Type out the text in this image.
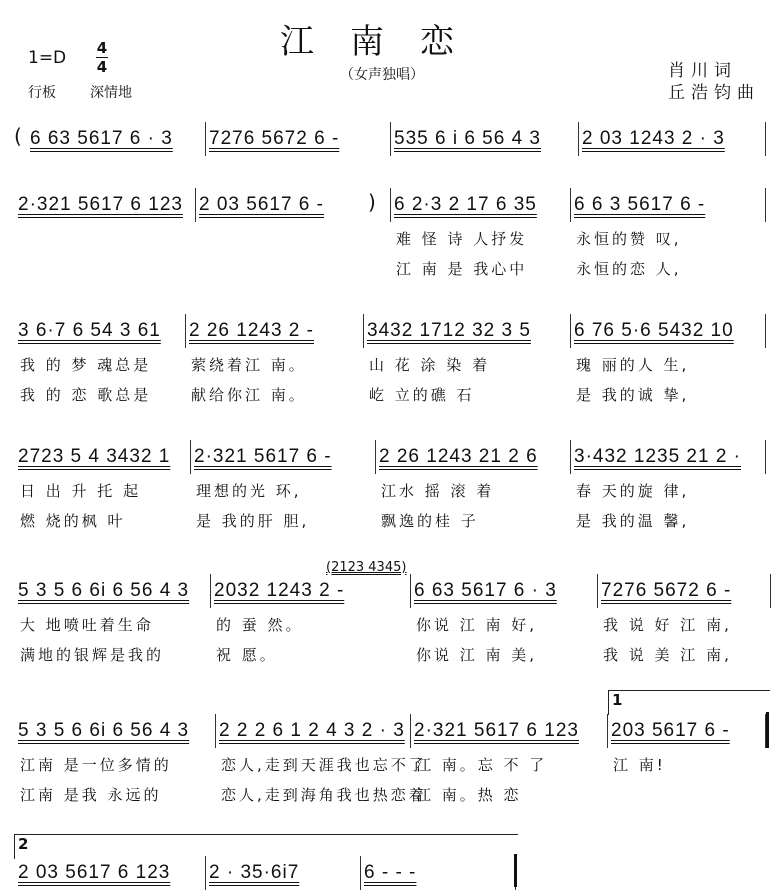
江南恋
（女声独唱）
1=D 4
4
行板 深情地
肖川词
丘浩钧曲
6 63 5617 6 · 3	7276 5672 6 -	535 6 i 6 56 4 3	2 03 1243 2 · 3
2·321 5617 6 123 2 03 5617 6 -	6 2·3 2 17 6 35
难 怪 诗 人抒发
江 南 是 我心中
6 6 3 5617 6 -
永恒的赞 叹,
永恒的恋 人,
3 6·7 6 54 3 61
我 的 梦 魂总是
我 的 恋 歌总是
2 26 1243 2 -
萦绕着江 南。
献给你江 南。
3432 1712 32 3 5
山 花 涂 染 着
屹 立的礁 石
6 76 5·6 5432 10
瑰 丽的人 生,
是 我的诚 挚,
2723 5 4 3432 1
日 出 升 托 起
燃 烧的枫 叶
2·321 5617 6 -
理想的光 环,
是 我的肝 胆,
2 26 1243 21 2 6
江水 摇 滚 着
飘逸的桂 子
3·432 1235 21 2 ·
春 天的旋 律,
是 我的温 馨,
5 3 5 6 6i 6 56 4 3
大 地喷吐着生命
满地的银辉是我的
2032 1243 2 -
的 蚕 然。
祝 愿。
6 63 5617 6 · 3
你说 江 南 好,
你说 江 南 美,
7276 5672 6 -
我 说 好 江 南,
我 说 美 江 南,
5 3 5 6 6i 6 56 4 3
江南 是一位多情的
江南 是我 永远的
2 2 2 6 1 2 4 3 2 · 3
恋人,走到天涯我也忘不了
恋人,走到海角我也热恋着
2·321 5617 6 123
江 南。忘 不 了
江 南。热 恋
203 5617 6 -
江 南!
2 03 5617 6 123	2 · 35·6i7	6 - - -
(
)
(2123 4345)
1
2
